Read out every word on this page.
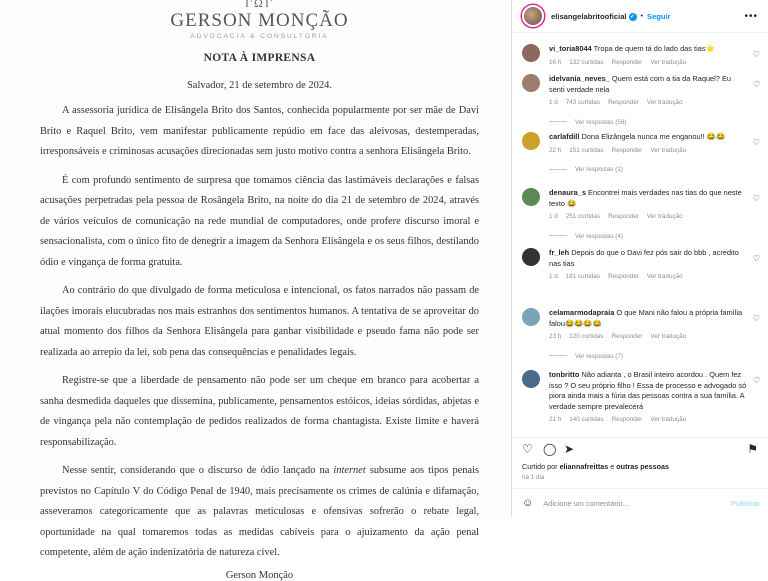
ΓΩΓ
GERSON MONÇÃO
ADVOCACIA & CONSULTORIA
NOTA À IMPRENSA
Salvador, 21 de setembro de 2024.

A assessoria jurídica de Elisângela Brito dos Santos, conhecida popularmente por ser mãe de Davi Brito e Raquel Brito, vem manifestar publicamente repúdio em face das aleivosas, destemperadas, irresponsáveis e criminosas acusações direcionadas sem justo motivo contra a senhora Elisângela Brito.

É com profundo sentimento de surpresa que tomamos ciência das lastimáveis declarações e falsas acusações perpetradas pela pessoa de Rosângela Brito, na noite do dia 21 de setembro de 2024, através de vários veículos de comunicação na rede mundial de computadores, onde profere discurso imoral e sensacionalista, com o único fito de denegrir a imagem da Senhora Elisângela e os seus filhos, destilando ódio e vingança de forma gratuita.

Ao contrário do que divulgado de forma meticulosa e intencional, os fatos narrados não passam de ilações imorais elucubradas nos mais estranhos dos sentimentos humanos. A tentativa de se aproveitar do atual momento dos filhos da Senhora Elisângela para ganhar visibilidade e pseudo fama não pode ser realizada ao arrepio da lei, sob pena das consequências e penalidades legais.

Registre-se que a liberdade de pensamento não pode ser um cheque em branco para acobertar a sanha desmedida daqueles que dissemina, publicamente, pensamentos estóicos, ideias sórdidas, abjetas e de vingança pela não contemplação de pedidos realizados de forma chantagista. Existe limite e haverá responsabilização.

Nesse sentir, considerando que o discurso de ódio lançado na internet subsume aos tipos penais previstos no Capítulo V do Código Penal de 1940, mais precisamente os crimes de calúnia e difamação, asseveramos categoricamente que as palavras meticulosas e ofensivas sofrerão o rebate legal, oportunidade na qual tomaremos todas as medidas cabíveis para o ajuizamento da ação penal competente, além de ação indenizatória de natureza cível.

Gerson Monção
elisangelabritooficial ✓ • Seguir	•••
vi_toria8044 Tropa de quem tá do lado das tias⭐
16 h 132 curtidas Responder Ver tradução
♡
idelvania_neves_ Quem está com a tia da Raquel? Eu senti verdade nela
1 d 743 curtidas Responder Ver tradução
♡
Ver respostas (58)
carlafdill Dona Elizângela nunca me enganou!! 😂😂
22 h 151 curtidas Responder Ver tradução
♡
Ver respostas (1)
denaura_s Encontrei mais verdades nas tias do que neste texto 😂
1 d 251 curtidas Responder Ver tradução
♡
Ver respostas (4)
fr_leh Depois do que o Davi fez pós sair do bbb , acredito nas tias
1 d 181 curtidas Responder Ver tradução
♡
celamarmodapraia O que Mani não falou a própria família falou😂😂😂😂
23 h 120 curtidas Responder Ver tradução
♡
Ver respostas (7)
tonbritto Não adianta , o Brasil inteiro acordou . Quem fez isso ? O seu próprio filho ! Essa de processo e advogado só piora ainda mais a fúria das pessoas contra a sua família. A verdade sempre prevalecerá
21 h 140 curtidas Responder Ver tradução
♡
♡ ◯ ➤	⚑
Curtido por eliannafreittas e outras pessoas
há 1 dia
☺
Adicione um comentário...	Publicar
